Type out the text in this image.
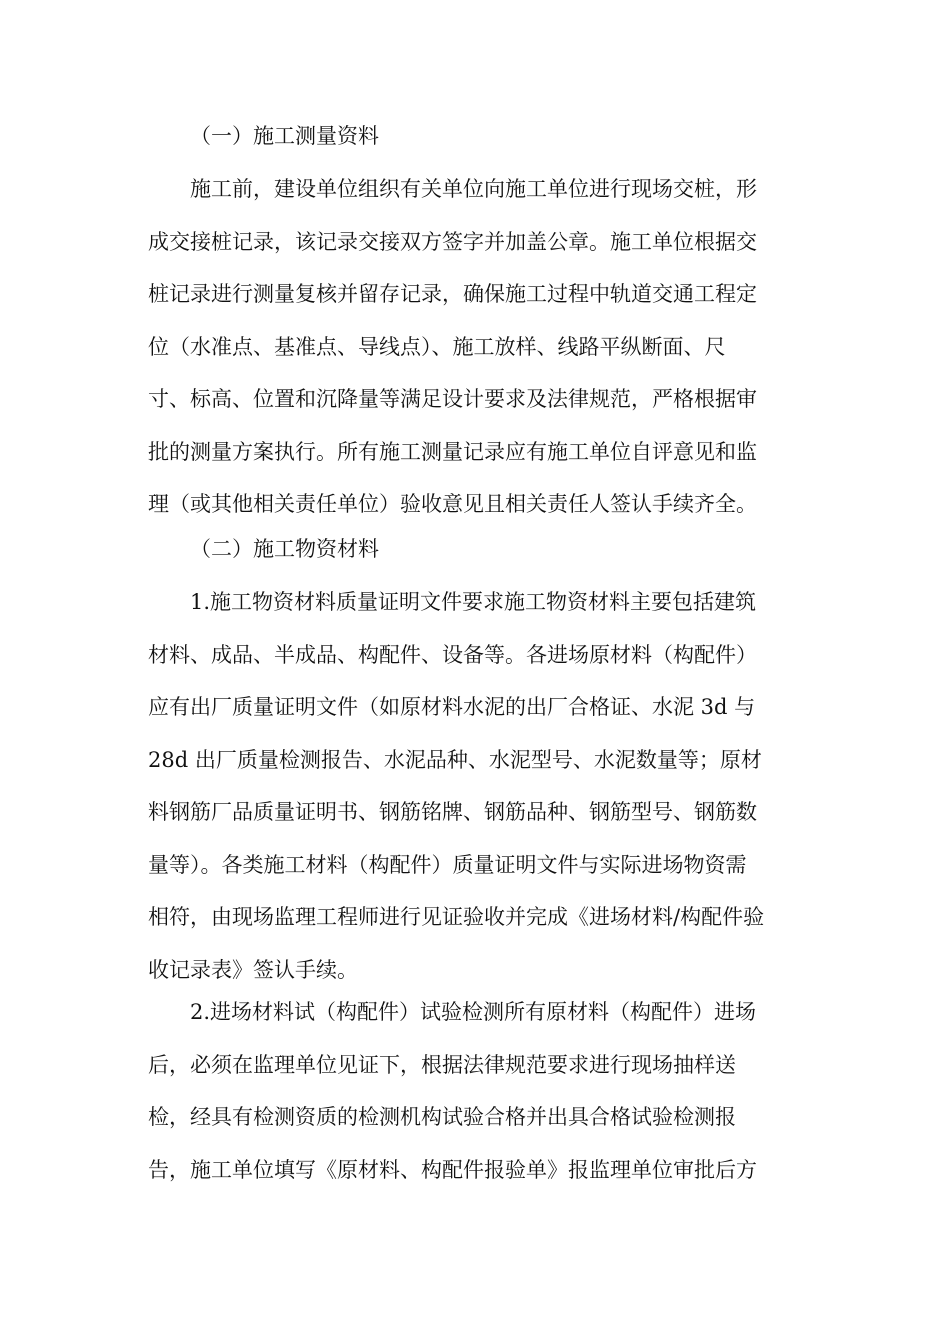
（一）施工测量资料
施工前，建设单位组织有关单位向施工单位进行现场交桩，形
成交接桩记录，该记录交接双方签字并加盖公章。施工单位根据交
桩记录进行测量复核并留存记录，确保施工过程中轨道交通工程定
位（水准点、基准点、导线点）、施工放样、线路平纵断面、尺
寸、标高、位置和沉降量等满足设计要求及法律规范，严格根据审
批的测量方案执行。所有施工测量记录应有施工单位自评意见和监
理（或其他相关责任单位）验收意见且相关责任人签认手续齐全。
（二）施工物资材料
1.施工物资材料质量证明文件要求施工物资材料主要包括建筑
材料、成品、半成品、构配件、设备等。各进场原材料（构配件）
应有出厂质量证明文件（如原材料水泥的出厂合格证、水泥 3d 与
28d 出厂质量检测报告、水泥品种、水泥型号、水泥数量等；原材
料钢筋厂品质量证明书、钢筋铭牌、钢筋品种、钢筋型号、钢筋数
量等）。各类施工材料（构配件）质量证明文件与实际进场物资需
相符，由现场监理工程师进行见证验收并完成《进场材料/构配件验
收记录表》签认手续。
2.进场材料试（构配件）试验检测所有原材料（构配件）进场
后，必须在监理单位见证下，根据法律规范要求进行现场抽样送
检，经具有检测资质的检测机构试验合格并出具合格试验检测报
告，施工单位填写《原材料、构配件报验单》报监理单位审批后方
